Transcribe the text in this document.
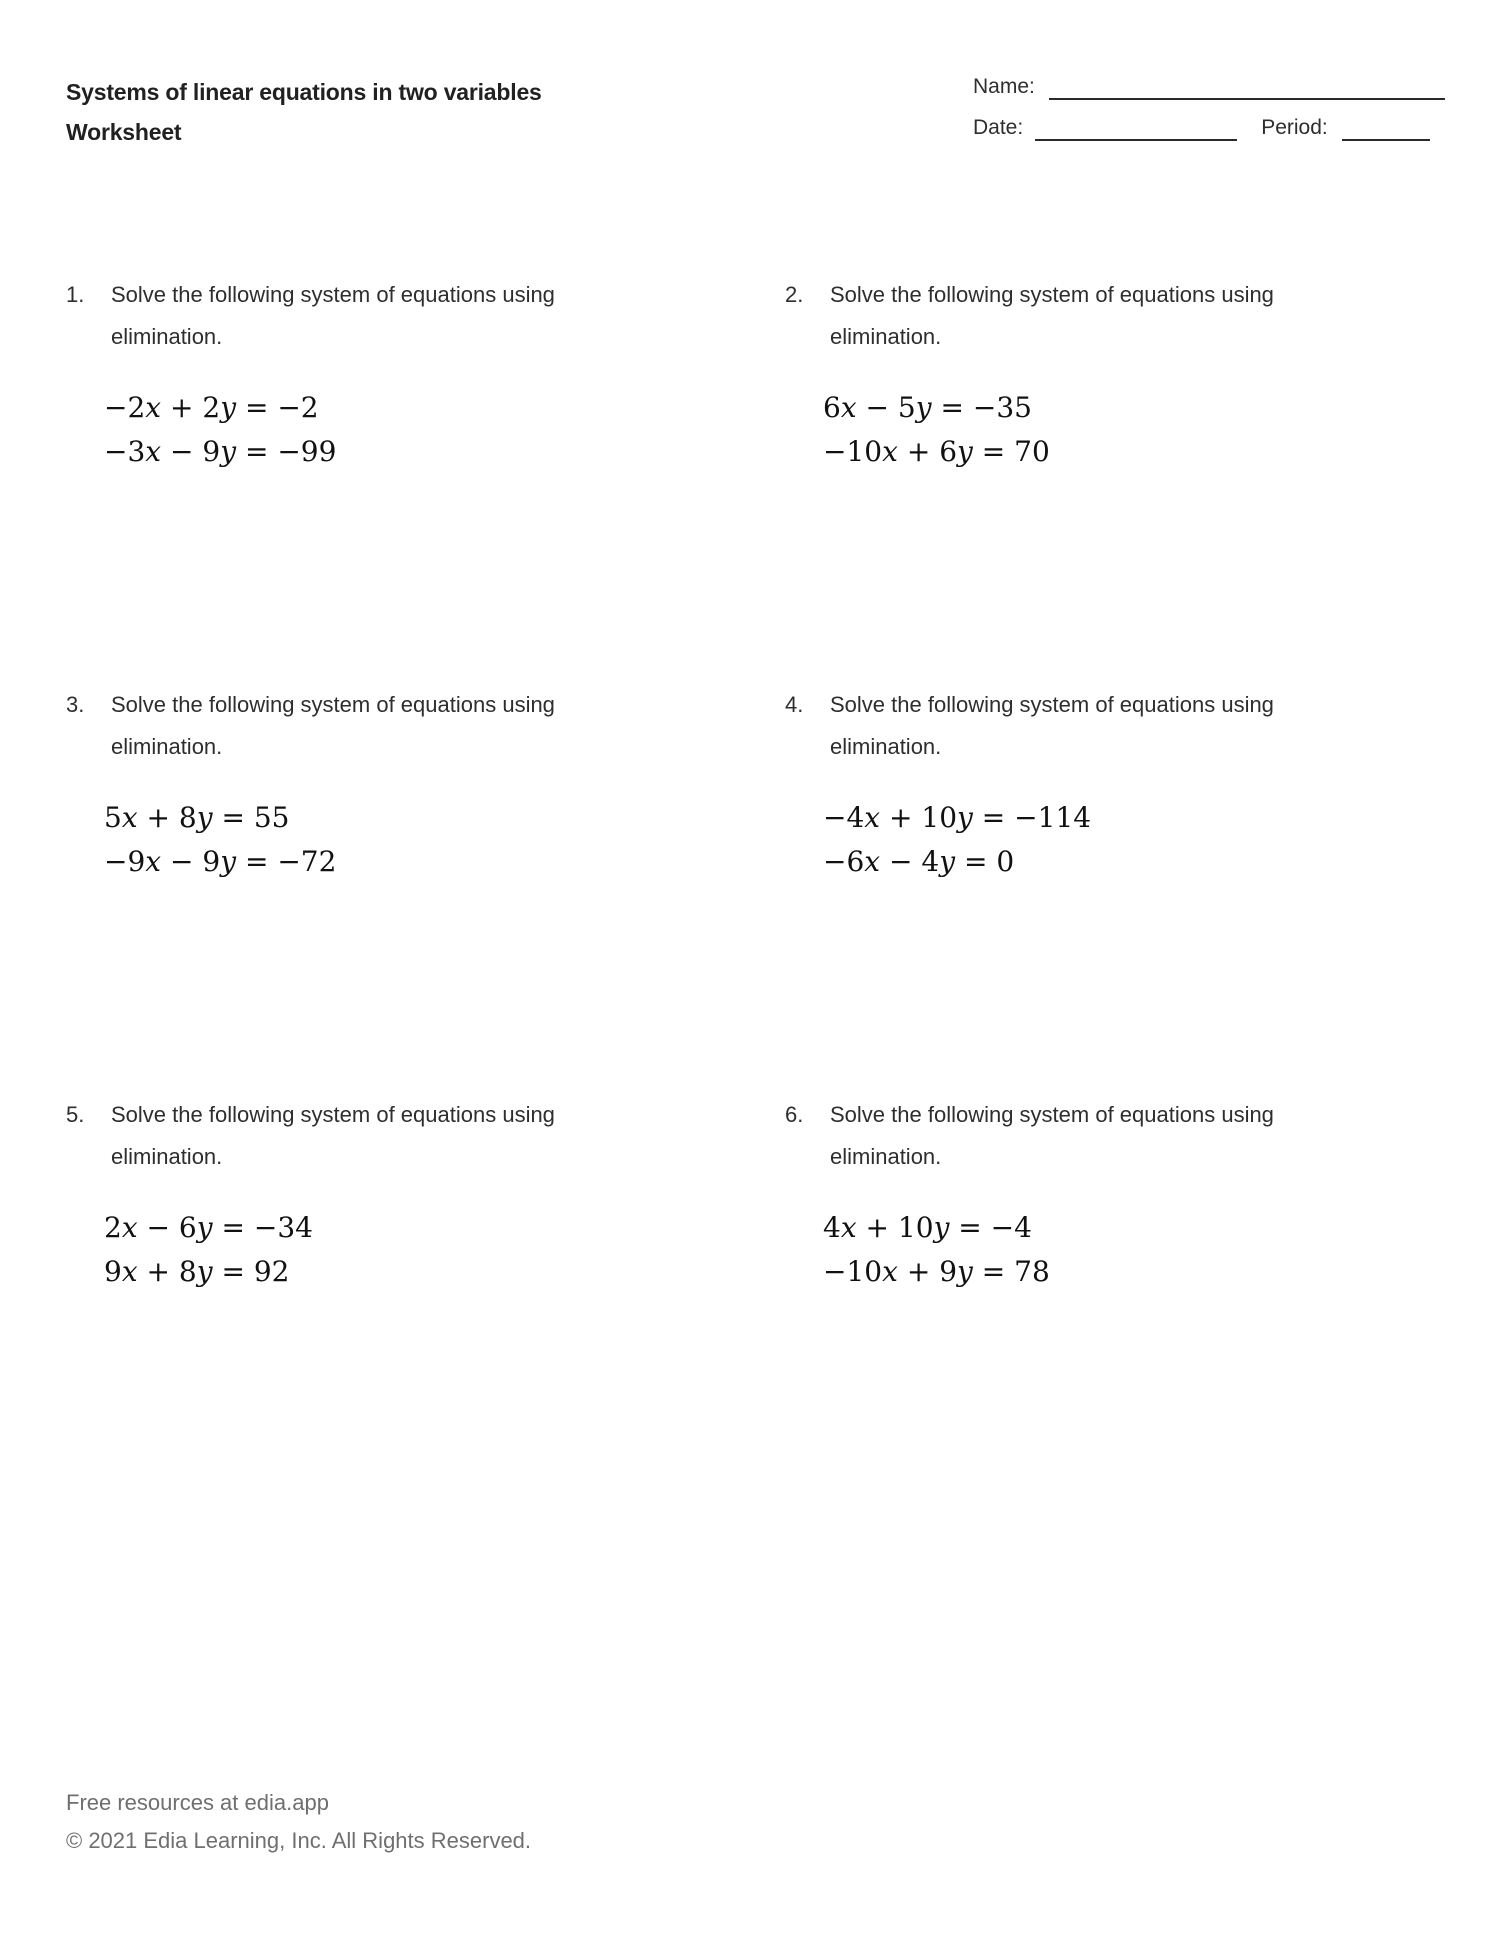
Systems of linear equations in two variables
Worksheet
Name:
Date:	Period:
1.	Solve the following system of equations using
elimination.
−2x + 2y = −2
−3x − 9y = −99
2.	Solve the following system of equations using
elimination.
6x − 5y = −35
−10x + 6y = 70
3.	Solve the following system of equations using
elimination.
5x + 8y = 55
−9x − 9y = −72
4.	Solve the following system of equations using
elimination.
−4x + 10y = −114
−6x − 4y = 0
5.	Solve the following system of equations using
elimination.
2x − 6y = −34
9x + 8y = 92
6.	Solve the following system of equations using
elimination.
4x + 10y = −4
−10x + 9y = 78
Free resources at edia.app
© 2021 Edia Learning, Inc. All Rights Reserved.
